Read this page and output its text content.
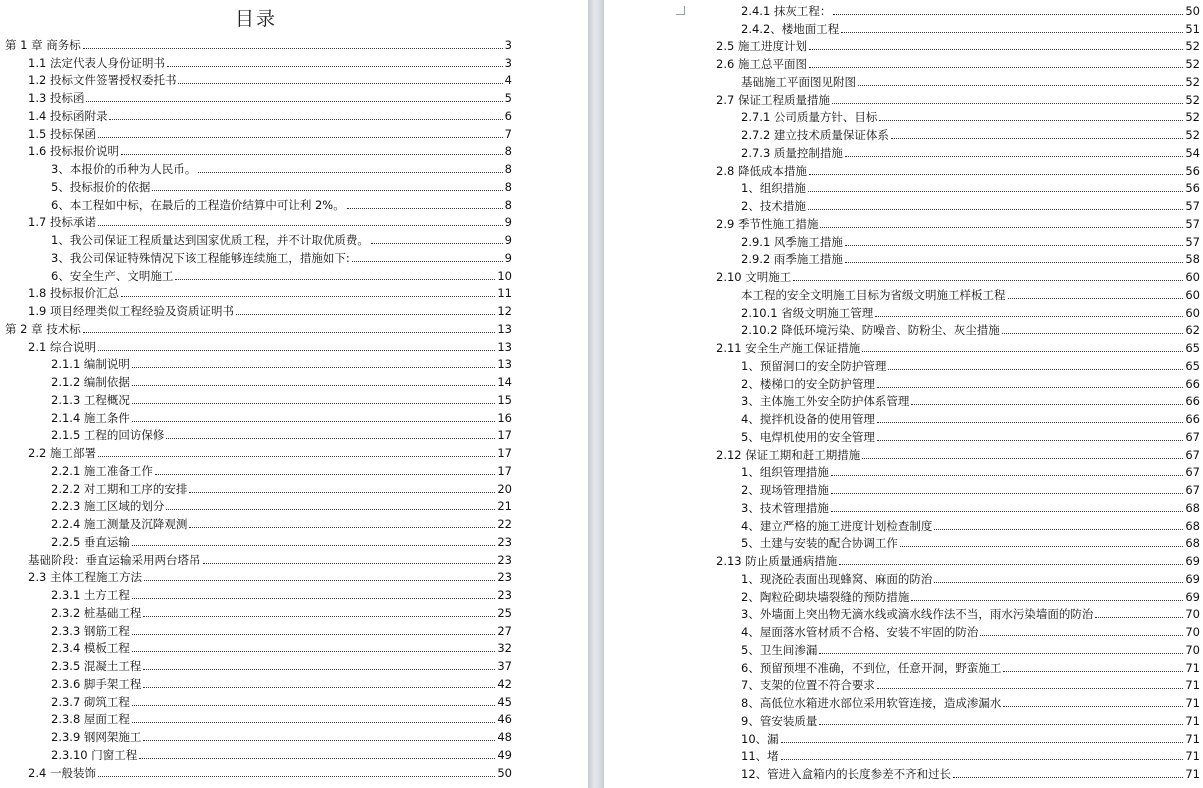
目录
第 1 章 商务标	3
1.1 法定代表人身份证明书	3
1.2 投标文件签署授权委托书	4
1.3 投标函	5
1.4 投标函附录	6
1.5 投标保函	7
1.6 投标报价说明	8
3、本报价的币种为人民币。	8
5、投标报价的依据	8
6、本工程如中标，在最后的工程造价结算中可让利 2%。	8
1.7 投标承诺	9
1、我公司保证工程质量达到国家优质工程，并不计取优质费。	9
3、我公司保证特殊情况下该工程能够连续施工，措施如下:	9
6、安全生产、文明施工	10
1.8 投标报价汇总	11
1.9 项目经理类似工程经验及资质证明书	12
第 2 章 技术标	13
2.1 综合说明	13
2.1.1 编制说明	13
2.1.2 编制依据	14
2.1.3 工程概况	15
2.1.4 施工条件	16
2.1.5 工程的回访保修	17
2.2 施工部署	17
2.2.1 施工准备工作	17
2.2.2 对工期和工序的安排	20
2.2.3 施工区域的划分	21
2.2.4 施工测量及沉降观测	22
2.2.5 垂直运输	23
基础阶段：垂直运输采用两台塔吊	23
2.3 主体工程施工方法	23
2.3.1 土方工程	23
2.3.2 桩基础工程	25
2.3.3 钢筋工程	27
2.3.4 模板工程	32
2.3.5 混凝土工程	37
2.3.6 脚手架工程	42
2.3.7 砌筑工程	45
2.3.8 屋面工程	46
2.3.9 钢网架施工	48
2.3.10 门窗工程	49
2.4 一般装饰	50
2.4.1 抹灰工程：	50
2.4.2、楼地面工程	51
2.5 施工进度计划	52
2.6 施工总平面图	52
基础施工平面图见附图	52
2.7 保证工程质量措施	52
2.7.1 公司质量方针、目标	52
2.7.2 建立技术质量保证体系	52
2.7.3 质量控制措施	54
2.8 降低成本措施	56
1、组织措施	56
2、技术措施	57
2.9 季节性施工措施	57
2.9.1 风季施工措施	57
2.9.2 雨季施工措施	58
2.10 文明施工	60
本工程的安全文明施工目标为省级文明施工样板工程	60
2.10.1 省级文明施工管理	60
2.10.2 降低环境污染、防噪音、防粉尘、灰尘措施	62
2.11 安全生产施工保证措施	65
1、预留洞口的安全防护管理	65
2、楼梯口的安全防护管理	66
3、主体施工外安全防护体系管理	66
4、搅拌机设备的使用管理	66
5、电焊机使用的安全管理	67
2.12 保证工期和赶工期措施	67
1、组织管理措施	67
2、现场管理措施	67
3、技术管理措施	68
4、建立严格的施工进度计划检查制度	68
5、土建与安装的配合协调工作	68
2.13 防止质量通病措施	69
1、现浇砼表面出现蜂窝、麻面的防治	69
2、陶粒砼砌块墙裂缝的预防措施	69
3、外墙面上突出物无滴水线或滴水线作法不当，雨水污染墙面的防治	70
4、屋面落水管材质不合格、安装不牢固的防治	70
5、卫生间渗漏	70
6、预留预埋不准确，不到位，任意开洞，野蛮施工	71
7、支架的位置不符合要求	71
8、高低位水箱进水部位采用软管连接，造成渗漏水	71
9、管安装质量	71
10、漏	71
11、堵	71
12、管进入盒箱内的长度参差不齐和过长	71
